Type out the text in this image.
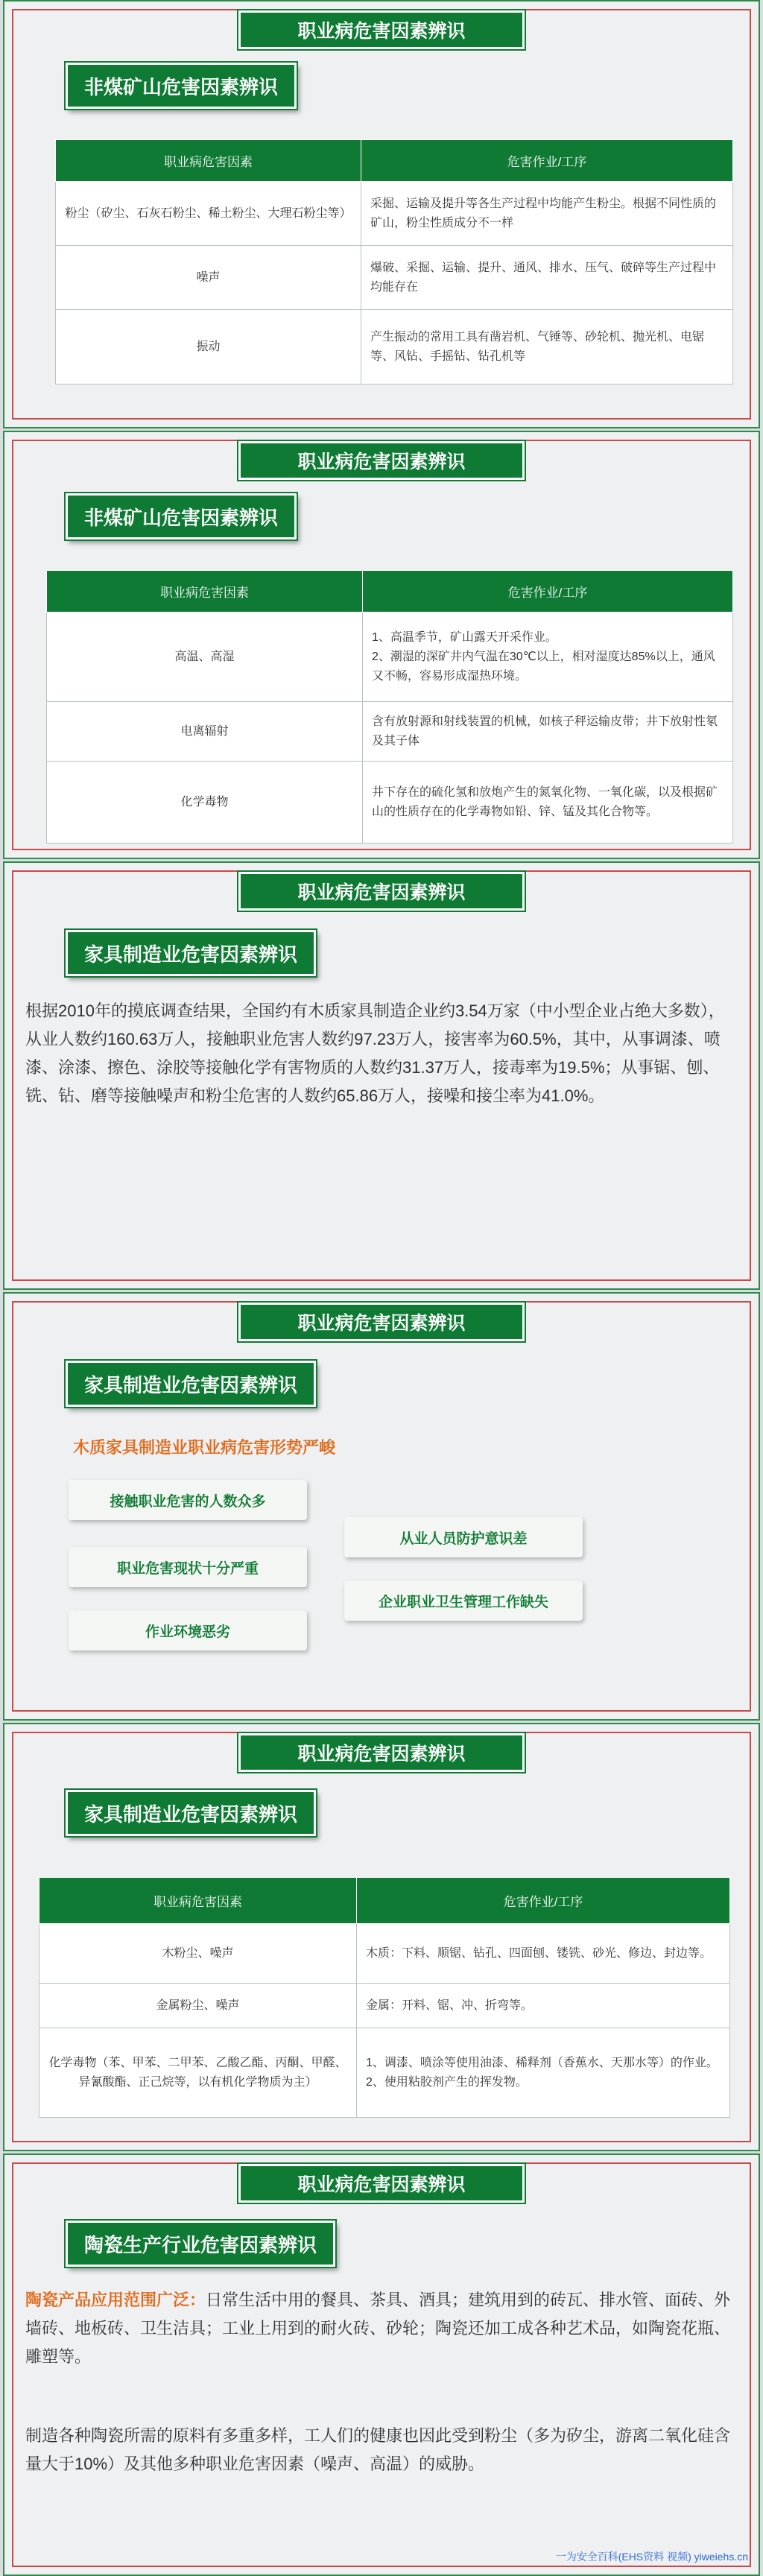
职业病危害因素辨识
非煤矿山危害因素辨识
职业病危害因素	危害作业/工序
粉尘（矽尘、石灰石粉尘、稀土粉尘、大理石粉尘等）	采掘、运输及提升等各生产过程中均能产生粉尘。根据不同性质的矿山，粉尘性质成分不一样
噪声	爆破、采掘、运输、提升、通风、排水、压气、破碎等生产过程中均能存在
振动	产生振动的常用工具有凿岩机、气锤等、砂轮机、抛光机、电锯等、风钻、手摇钻、钻孔机等
职业病危害因素辨识
非煤矿山危害因素辨识
职业病危害因素	危害作业/工序
高温、高湿	1、高温季节，矿山露天开采作业。
2、潮湿的深矿井内气温在30℃以上，相对湿度达85%以上，通风又不畅，容易形成湿热环境。

电离辐射	含有放射源和射线装置的机械，如核子秤运输皮带；井下放射性氡及其子体
化学毒物	井下存在的硫化氢和放炮产生的氮氧化物、一氧化碳，以及根据矿山的性质存在的化学毒物如铅、锌、锰及其化合物等。
职业病危害因素辨识
家具制造业危害因素辨识
根据2010年的摸底调查结果，全国约有木质家具制造企业约3.54万家（中小型企业占绝大多数），从业人数约160.63万人，接触职业危害人数约97.23万人，接害率为60.5%，其中，从事调漆、喷漆、涂漆、擦色、涂胶等接触化学有害物质的人数约31.37万人，接毒率为19.5%；从事锯、刨、铣、钻、磨等接触噪声和粉尘危害的人数约65.86万人，接噪和接尘率为41.0%。
职业病危害因素辨识
家具制造业危害因素辨识
木质家具制造业职业病危害形势严峻
接触职业危害的人数众多
职业危害现状十分严重
作业环境恶劣
从业人员防护意识差
企业职业卫生管理工作缺失
职业病危害因素辨识
家具制造业危害因素辨识
职业病危害因素	危害作业/工序
木粉尘、噪声	木质：下料、顺锯、钻孔、四面刨、镂铣、砂光、修边、封边等。
金属粉尘、噪声	金属：开料、锯、冲、折弯等。
化学毒物（苯、甲苯、二甲苯、乙酸乙酯、丙酮、甲醛、异氰酸酯、正己烷等，以有机化学物质为主）	1、调漆、喷涂等使用油漆、稀释剂（香蕉水、天那水等）的作业。
2、使用粘胶剂产生的挥发物。
职业病危害因素辨识
陶瓷生产行业危害因素辨识
陶瓷产品应用范围广泛：日常生活中用的餐具、茶具、酒具；建筑用到的砖瓦、排水管、面砖、外墙砖、地板砖、卫生洁具；工业上用到的耐火砖、砂轮；陶瓷还加工成各种艺术品，如陶瓷花瓶、雕塑等。
制造各种陶瓷所需的原料有多重多样，工人们的健康也因此受到粉尘（多为矽尘，游离二氧化硅含量大于10%）及其他多种职业危害因素（噪声、高温）的威胁。
一为安全百科(EHS资料 视频) yiweiehs.cn
